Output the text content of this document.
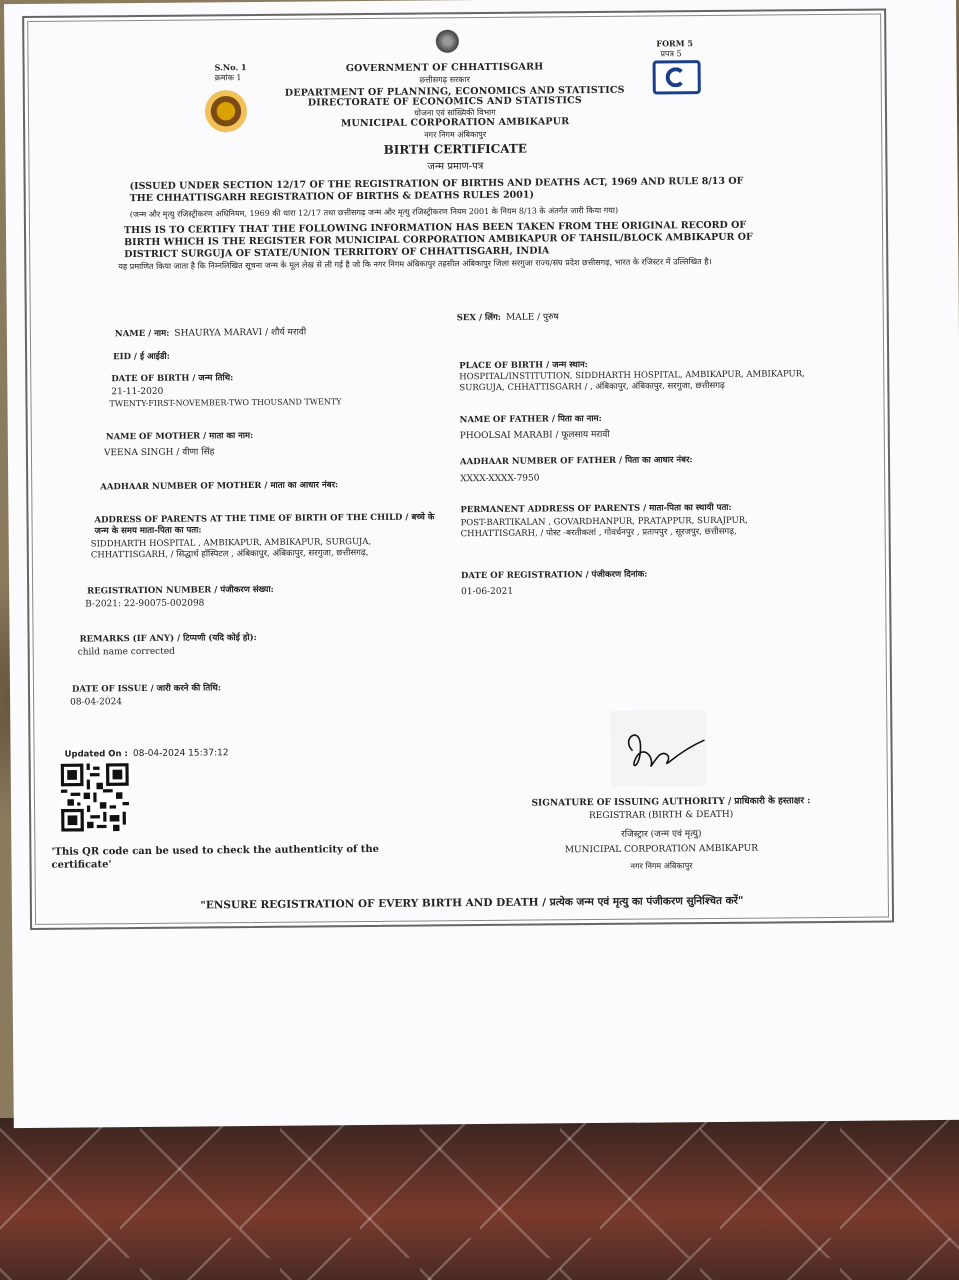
S.No. 1
क्रमांक 1
FORM 5
प्रपत्र 5
GOVERNMENT OF CHHATTISGARH
छत्तीसगढ़ सरकार
DEPARTMENT OF PLANNING, ECONOMICS AND STATISTICS
DIRECTORATE OF ECONOMICS AND STATISTICS
योजना एवं सांख्यिकी विभाग
MUNICIPAL CORPORATION AMBIKAPUR
नगर निगम अंबिकापुर
BIRTH CERTIFICATE
जन्म प्रमाण-पत्र
(ISSUED UNDER SECTION 12/17 OF THE REGISTRATION OF BIRTHS AND DEATHS ACT, 1969 AND RULE 8/13 OF THE CHHATTISGARH REGISTRATION OF BIRTHS & DEATHS RULES 2001)
(जन्म और मृत्यु रजिस्ट्रीकरण अधिनियम, 1969 की धारा 12/17 तथा छत्तीसगढ़ जन्म और मृत्यु रजिस्ट्रीकरण नियम 2001 के नियम 8/13 के अंतर्गत जारी किया गया)
THIS IS TO CERTIFY THAT THE FOLLOWING INFORMATION HAS BEEN TAKEN FROM THE ORIGINAL RECORD OF BIRTH WHICH IS THE REGISTER FOR MUNICIPAL CORPORATION AMBIKAPUR OF TAHSIL/BLOCK AMBIKAPUR OF DISTRICT SURGUJA OF STATE/UNION TERRITORY OF CHHATTISGARH, INDIA
यह प्रमाणित किया जाता है कि निम्नलिखित सूचना जन्म के मूल लेख से ली गई है जो कि नगर निगम अंबिकापुर तहसील अंबिकापुर जिला सरगुजा राज्य/संघ प्रदेश छत्तीसगढ़, भारत के रजिस्टर में उल्लिखित है।
NAME / नाम: SHAURYA MARAVI / शौर्य मरावी
EID / ई आईडी:
DATE OF BIRTH / जन्म तिथि:
21-11-2020
TWENTY-FIRST-NOVEMBER-TWO THOUSAND TWENTY
NAME OF MOTHER / माता का नाम:
VEENA SINGH / वीणा सिंह
AADHAAR NUMBER OF MOTHER / माता का आधार नंबर:
ADDRESS OF PARENTS AT THE TIME OF BIRTH OF THE CHILD / बच्चे के जन्म के समय माता-पिता का पता:
SIDDHARTH HOSPITAL , AMBIKAPUR, AMBIKAPUR, SURGUJA, CHHATTISGARH, / सिद्धार्थ हॉस्पिटल , अंबिकापुर, अंबिकापुर, सरगुजा, छत्तीसगढ़,
REGISTRATION NUMBER / पंजीकरण संख्या:
B-2021: 22-90075-002098
REMARKS (IF ANY) / टिप्पणी (यदि कोई हो):
child name corrected
DATE OF ISSUE / जारी करने की तिथि:
08-04-2024
Updated On : 08-04-2024 15:37:12
SEX / लिंग: MALE / पुरुष
PLACE OF BIRTH / जन्म स्थान:
HOSPITAL/INSTITUTION, SIDDHARTH HOSPITAL, AMBIKAPUR, AMBIKAPUR, SURGUJA, CHHATTISGARH / , अंबिकापुर, अंबिकापुर, सरगुजा, छत्तीसगढ़
NAME OF FATHER / पिता का नाम:
PHOOLSAI MARABI / फूलसाय मरावी
AADHAAR NUMBER OF FATHER / पिता का आधार नंबर:
XXXX-XXXX-7950
PERMANENT ADDRESS OF PARENTS / माता-पिता का स्थायी पता:
POST-BARTIKALAN , GOVARDHANPUR, PRATAPPUR, SURAJPUR, CHHATTISGARH, / पोस्ट -बरतीकलां , गोवर्धनपुर , प्रतापपुर , सूरजपुर, छत्तीसगढ़,
DATE OF REGISTRATION / पंजीकरण दिनांक:
01-06-2021
'This QR code can be used to check the authenticity of the certificate'
SIGNATURE OF ISSUING AUTHORITY / प्राधिकारी के हस्ताक्षर :
REGISTRAR (BIRTH & DEATH)
रजिस्ट्रार (जन्म एवं मृत्यु)
MUNICIPAL CORPORATION AMBIKAPUR
नगर निगम अंबिकापुर
"ENSURE REGISTRATION OF EVERY BIRTH AND DEATH / प्रत्येक जन्म एवं मृत्यु का पंजीकरण सुनिश्चित करें"
